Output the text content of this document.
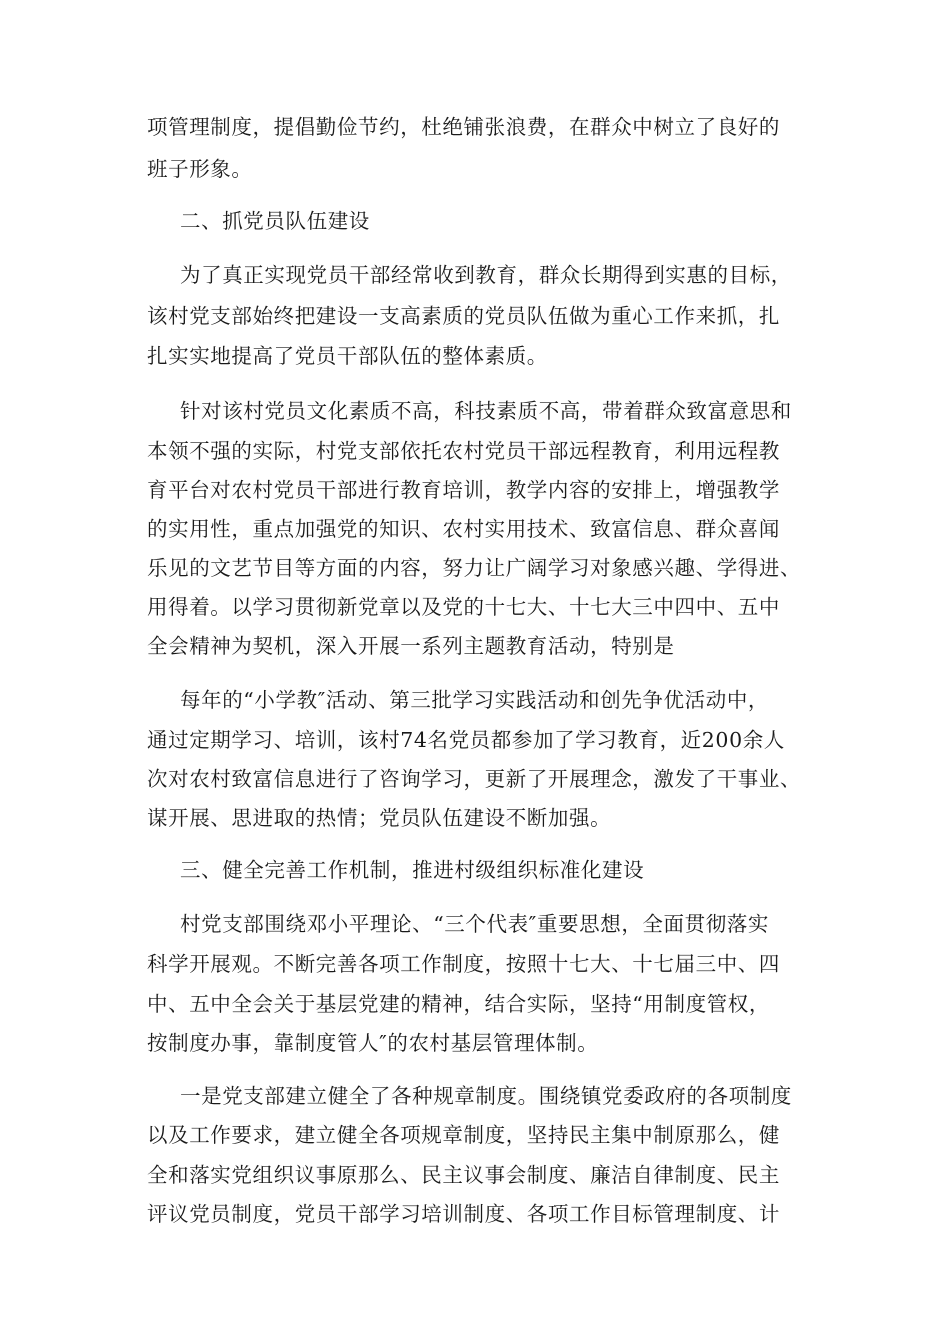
项管理制度，提倡勤俭节约，杜绝铺张浪费，在群众中树立了良好的
班子形象。
二、抓党员队伍建设
为了真正实现党员干部经常收到教育，群众长期得到实惠的目标，
该村党支部始终把建设一支高素质的党员队伍做为重心工作来抓，扎
扎实实地提高了党员干部队伍的整体素质。
针对该村党员文化素质不高，科技素质不高，带着群众致富意思和
本领不强的实际，村党支部依托农村党员干部远程教育，利用远程教
育平台对农村党员干部进行教育培训，教学内容的安排上，增强教学
的实用性，重点加强党的知识、农村实用技术、致富信息、群众喜闻
乐见的文艺节目等方面的内容，努力让广阔学习对象感兴趣、学得进、
用得着。以学习贯彻新党章以及党的十七大、十七大三中四中、五中
全会精神为契机，深入开展一系列主题教育活动，特别是
每年的“小学教″活动、第三批学习实践活动和创先争优活动中，
通过定期学习、培训，该村74名党员都参加了学习教育，近200余人
次对农村致富信息进行了咨询学习，更新了开展理念，激发了干事业、
谋开展、思进取的热情；党员队伍建设不断加强。
三、健全完善工作机制，推进村级组织标准化建设
村党支部围绕邓小平理论、“三个代表″重要思想，全面贯彻落实
科学开展观。不断完善各项工作制度，按照十七大、十七届三中、四
中、五中全会关于基层党建的精神，结合实际，坚持“用制度管权，
按制度办事，靠制度管人″的农村基层管理体制。
一是党支部建立健全了各种规章制度。围绕镇党委政府的各项制度
以及工作要求，建立健全各项规章制度，坚持民主集中制原那么，健
全和落实党组织议事原那么、民主议事会制度、廉洁自律制度、民主
评议党员制度，党员干部学习培训制度、各项工作目标管理制度、计
